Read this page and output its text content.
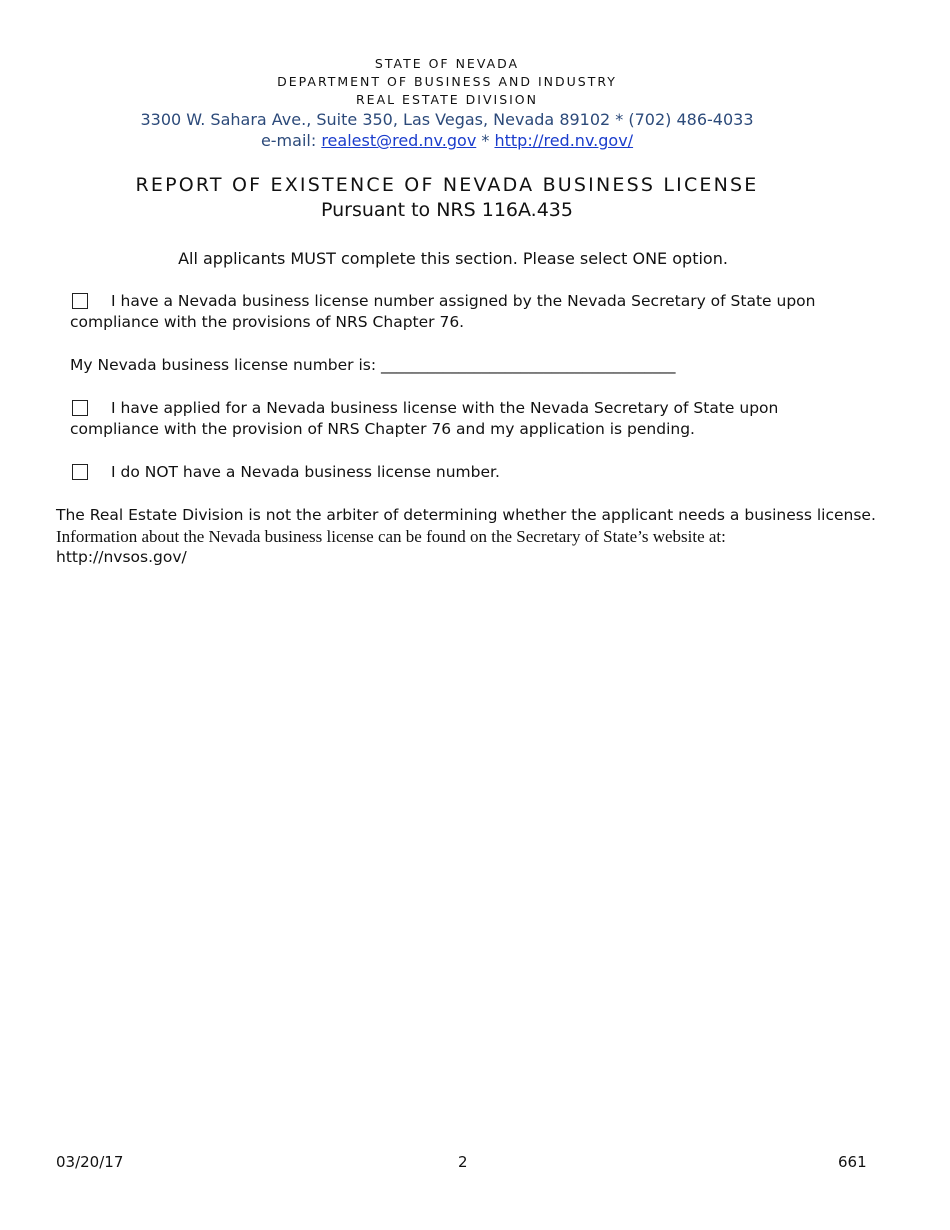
STATE OF NEVADA
DEPARTMENT OF BUSINESS AND INDUSTRY
REAL ESTATE DIVISION
3300 W. Sahara Ave., Suite 350, Las Vegas, Nevada 89102 * (702) 486-4033
e-mail: realest@red.nv.gov * http://red.nv.gov/
REPORT OF EXISTENCE OF NEVADA BUSINESS LICENSE
Pursuant to NRS 116A.435
All applicants MUST complete this section. Please select ONE option.
I have a Nevada business license number assigned by the Nevada Secretary of State upon
compliance with the provisions of NRS Chapter 76.
My Nevada business license number is: ______________________________________
I have applied for a Nevada business license with the Nevada Secretary of State upon
compliance with the provision of NRS Chapter 76 and my application is pending.
I do NOT have a Nevada business license number.
The Real Estate Division is not the arbiter of determining whether the applicant needs a business license.
Information about the Nevada business license can be found on the Secretary of State’s website at:
http://nvsos.gov/
03/20/17	2	661
